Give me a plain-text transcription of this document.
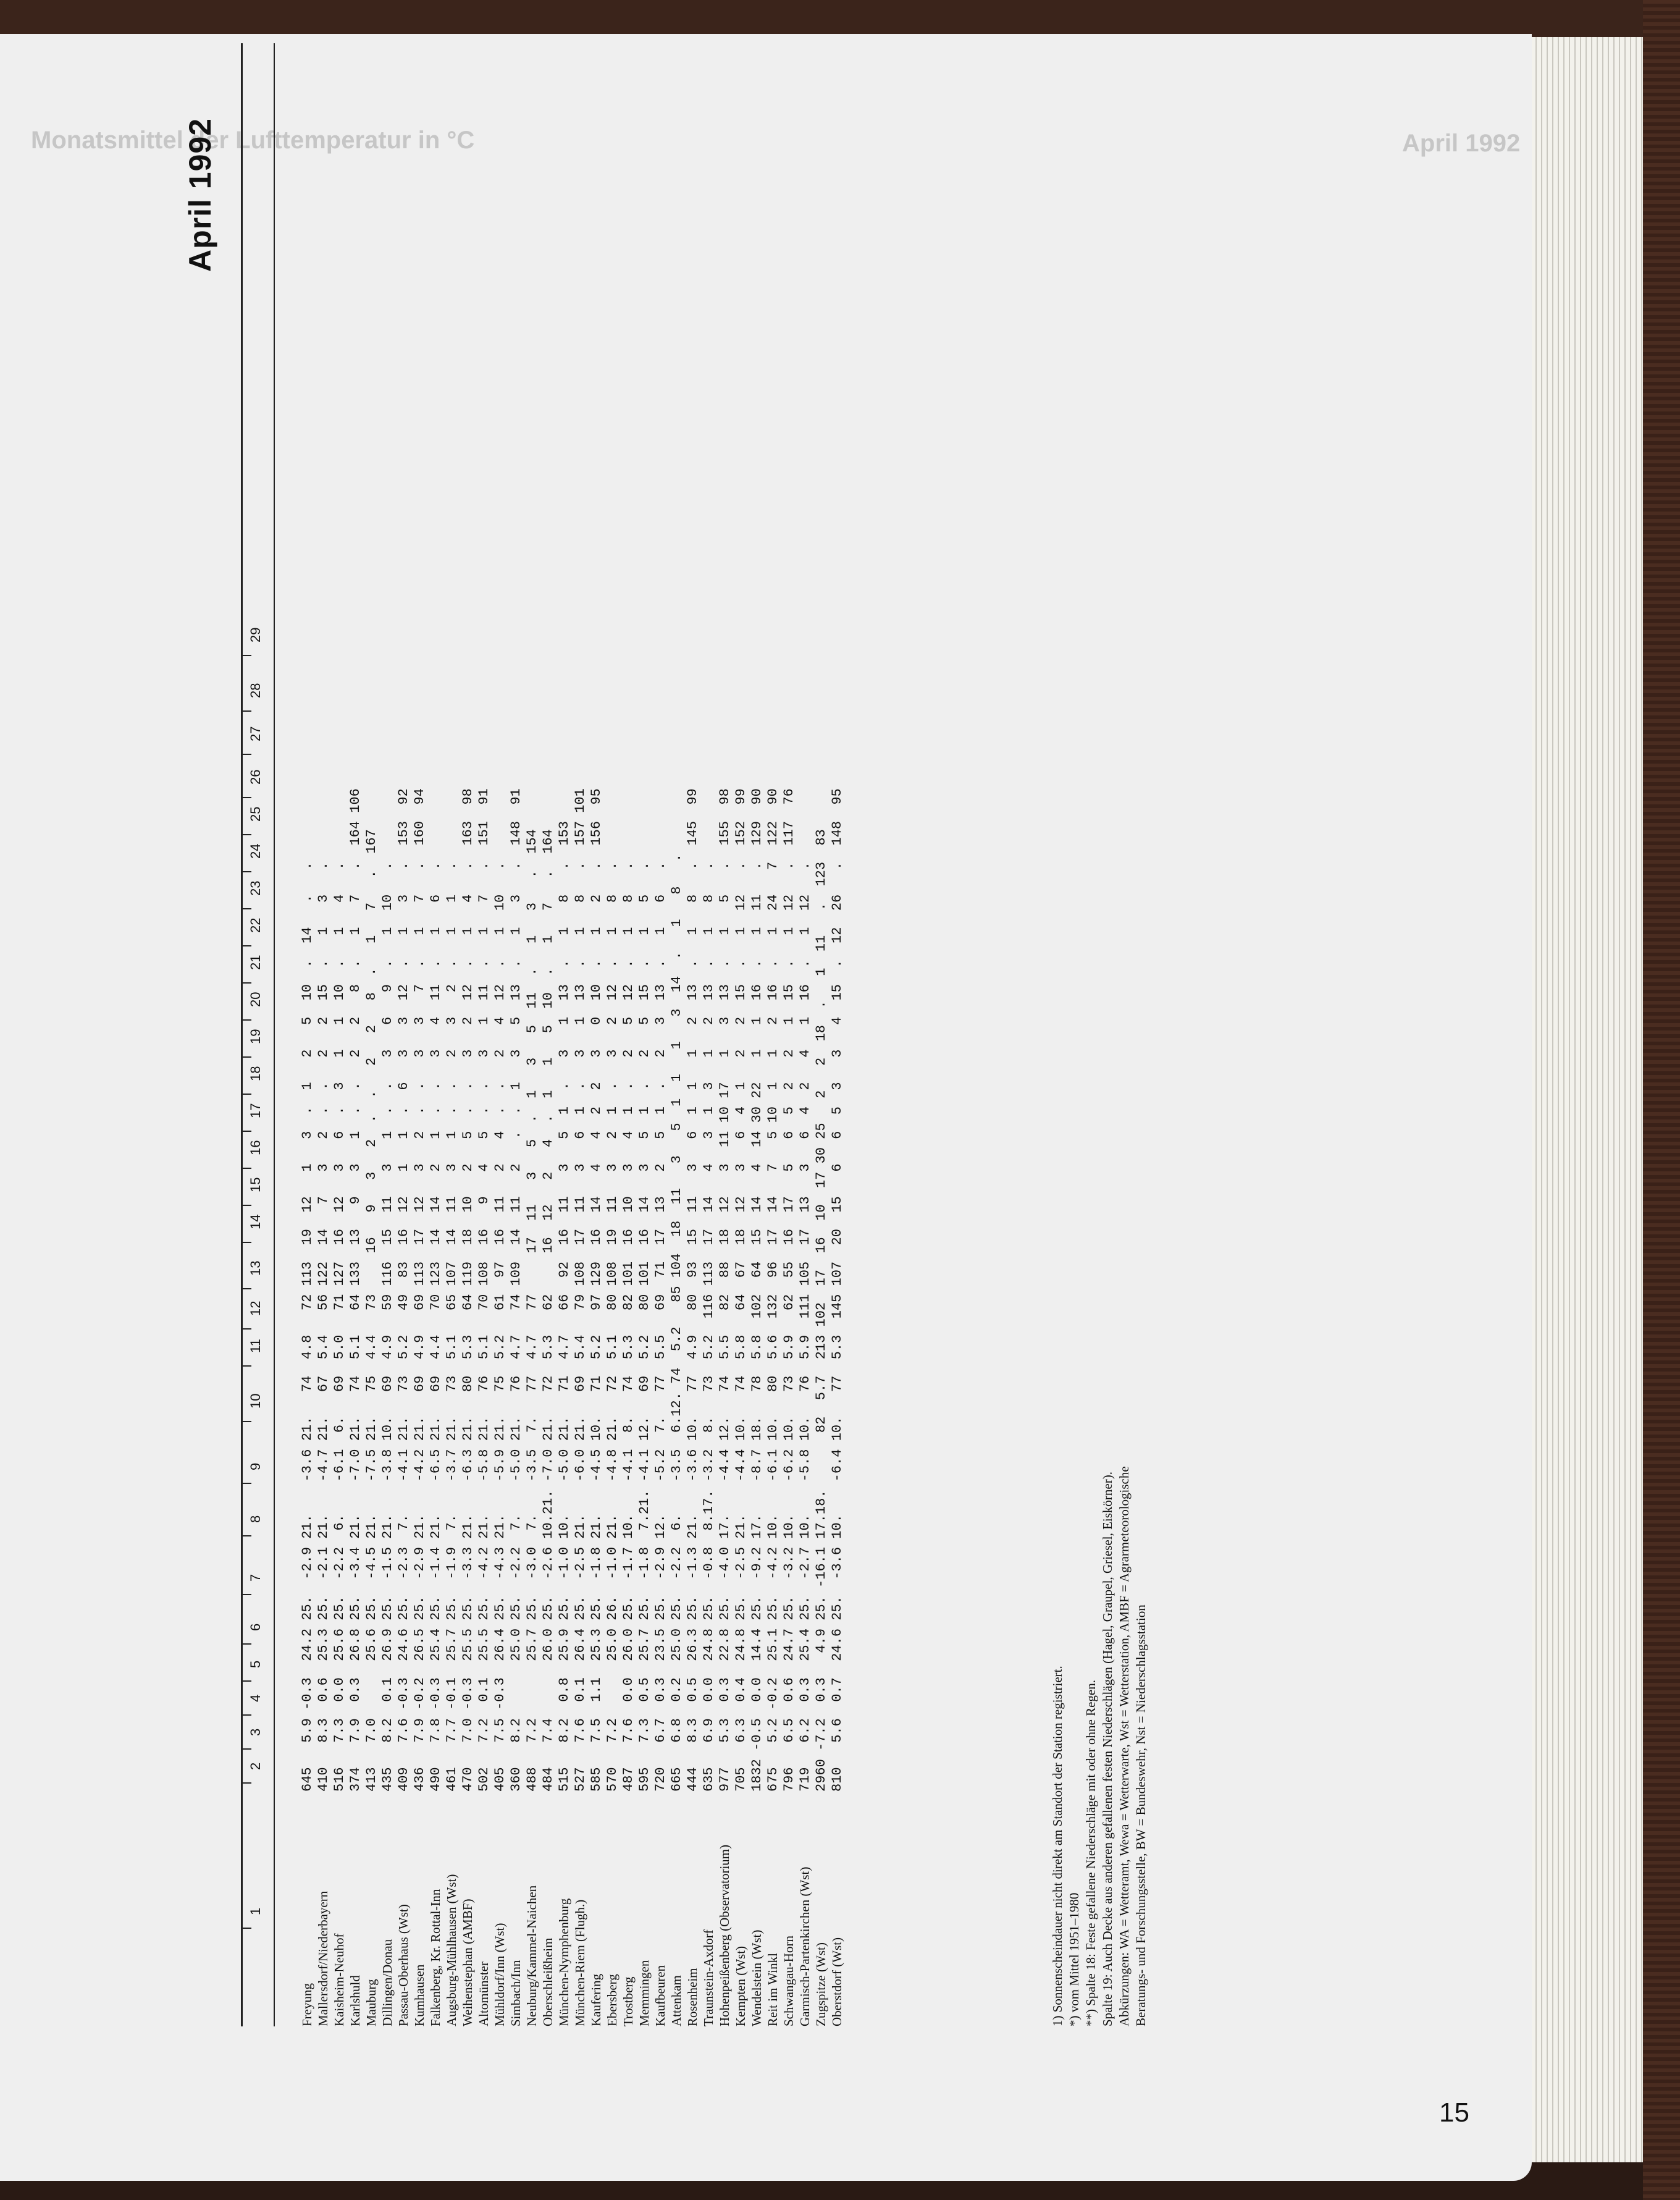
Monatsmittel der Lufttemperatur in °C	April 1992
April 1992
1
2
3
4
5
6
7
8
9
10
11
12
13
14
15
16
17
18
19
20
21
22
23
24
25
26
27
28
29
Freyung
645   5.9 -0.3  24.2 25.  -2.9 21.    -3.6 21.   74  4.8   72 113  19  12   1   3  .  1   2   5  10  .  14   .   .
Mallersdorf/Niederbayern
410   8.3  0.6  25.3 25.  -2.1 21.    -4.7 21.   67  5.4   56 122  14   7   3   2  .  .   2   2  15  .   1   3   .
Kaisheim-Neuhof
516   7.3  0.0  25.6 25.  -2.2  6.    -6.1  6.   69  5.0   71 127  16  12   3   6  .  3   1   1  10  .   1   4   .
Karlshuld
374   7.9  0.3  26.8 25.  -3.4 21.    -7.0 21.   74  5.1   64 133  13   9   3   1  .  .   2   2   8  .   1   7   .  164 106
Mauburg
413   7.0       25.6 25.  -4.5 21.    -7.5 21.   75  4.4   73     16   9   3   2  .  .   2   2   8  .   1   7   .  167
Dillingen/Donau
435   8.2  0.1  26.9 25.  -1.5 21.    -3.8 10.   69  4.9   59 116  15  11   3   1  .  .   3   6   9  .   1  10   .
Passau-Oberhaus (Wst)
409   7.6 -0.3  24.6 25.  -2.3  7.    -4.1 21.   73  5.2   49  83  16  12   1   1  .  6   3   3  12  .   1   3   .  153  92
Kumhausen
436   7.9 -0.2  26.5 25.  -2.9 21.    -4.2 21.   69  4.9   69 113  17  12   3   2  .  .   3   3   7  .   1   7   .  160  94
Falkenberg, Kr. Rottal-Inn
490   7.8 -0.3  25.4 25.  -1.4 21.    -6.5 21.   69  4.4   70 123  14  14   2   1  .  .   3   4  11  .   1   6   .
Augsburg-Mühlhausen (Wst)
461   7.7 -0.1  25.7 25.  -1.9  7.    -3.7 21.   73  5.1   65 107  14  11   3   1  .  .   2   3   2  .   1   1   .
Weihenstephan (AMBF)
470   7.0 -0.3  25.5 25.  -3.3 21.    -6.3 21.   80  5.3   64 119  18  10   2   5  .  .   3   2  12  .   1   4   .  163  98
Altomünster
502   7.2  0.1  25.5 25.  -4.2 21.    -5.8 21.   76  5.1   70 108  16   9   4   5  .  .   3   1  11  .   1   7   .  151  91
Mühldorf/Inn (Wst)
405   7.5 -0.3  26.4 25.  -4.3 21.    -5.9 21.   75  5.2   61  97  16  11   2   4  .  .   2   4  12  .   1  10   .
Simbach/Inn
360   8.2       25.0 25.  -2.2  7.    -5.0 21.   76  4.7   74 109  14  11   2   .  .  1   3   5  13  .   1   3   .  148  91
Neuburg/Kammel-Naichen
488   7.2       25.7 25.  -3.0  7.    -3.5  7.   77  4.7   77     17  11   3   5  .  1   3   5  11  .   1   3   .  154
Oberschleißheim
484   7.4       26.0 25.  -2.6 10.21. -7.0 21.   72  5.3   62     16  12   2   4  .  1   1   5  10  .   1   7   .  164
München-Nymphenburg
515   8.2  0.8  25.9 25.  -1.0 10.    -5.0 21.   71  4.7   66  92  16  11   3   5  1  .   3   1  13  .   1   8   .  153
München-Riem (Flugh.)
527   7.6  0.1  26.4 25.  -2.5 21.    -6.0 21.   69  5.4   79 108  17  11   3   6  1  .   3   1  13  .   1   8   .  157 101
Kaufering
585   7.5  1.1  25.3 25.  -1.8 21.    -4.5 10.   71  5.2   97 129  16  14   4   4  2  2   3   0  10  .   1   2   .  156  95
Ebersberg
570   7.2       25.0 26.  -1.0 21.    -4.8 21.   72  5.1   80 108  19  11   3   2  1  .   3   2  12  .   1   8   .
Trostberg
487   7.6  0.0  26.0 25.  -1.7 10.    -4.1  8.   74  5.3   82 101  16  10   3   4  1  .   2   5  12  .   1   8   .
Memmingen
595   7.3  0.5  25.7 25.  -1.8  7.21. -4.1 12.   69  5.2   80 101  16  14   3   5  1  .   2   5  15  .   1   5   .
Kaufbeuren
720   6.7  0.3  23.5 25.  -2.9 12.    -5.2  7.   77  5.5   69  71  17  13   2   5  1  .   2   3  13  .   1   6   .
Attenkam
665   6.8  0.2  25.0 25.  -2.2  6.    -3.5  6.12. 74  5.2   85 104  18  11   3   5  1  1   1   3  14  .   1   8   .
Rosenheim
444   8.3  0.5  26.3 25.  -1.3 21.    -3.6 10.   77  4.9   80  93  15  11   3   6  1  1   1   2  13  .   1   8   .  145  99
Traunstein-Axdorf
635   6.9  0.0  24.8 25.  -0.8  8.17. -3.2  8.   73  5.2  116 113  17  14   4   3  1  3   1   2  13  .   1   8   .
Hohenpeißenberg (Observatorium)
977   5.3  0.3  22.8 25.  -4.0 17.    -4.4 12.   74  5.5   82  88  18  12   3  11 10 17   1   3  13  .   1   5   .  155  98
Kempten (Wst)
705   6.3  0.4  24.8 25.  -2.5 21.    -4.4 10.   74  5.8   64  67  18  12   3   6  4  1   2   2  15  .   1  12   .  152  99
Wendelstein (Wst)
1832 -0.5  0.0  14.4 25.  -9.2 17.    -8.7 18.   78  5.8  102  64  15  14   4  14 30 22   1   1  16  .   1  11   .  129  90
Reit im Winkl
675   5.2 -0.2  25.1 25.  -4.2 10.    -6.1 10.   80  5.6  132  96  17  14   7   5 10  1   1   2  16  .   1  24   7  122  90
Schwangau-Horn
796   6.5  0.6  24.7 25.  -3.2 10.    -6.2 10.   73  5.9   62  55  16  17   5   6  5  2   2   1  15  .   1  12   .  117  76
Garmisch-Partenkirchen (Wst)
719   6.2  0.3  25.4 25.  -2.7 10.    -5.8 10.   76  5.9  111 105  17  13   3   6  4  2   4   1  16  .   1  12   .
Zugspitze (Wst)
2960 -7.2  0.3   4.9 25. -16.1 17.18.       82  5.7  213 102  17  16  10  17 30 25   2   2  18  .   1  11   .  123  83
Oberstdorf (Wst)
810   5.6  0.7  24.6 25.  -3.6 10.    -6.4 10.   77  5.3  145 107  20  15   6   6  5  3   3   4  15  .  12  26   .  148  95
1) Sonnenscheindauer nicht direkt am Standort der Station registriert. *) vom Mittel 1951–1980 **) Spalte 18: Feste gefallene Niederschläge mit oder ohne Regen. Spalte 19: Auch Decke aus anderen gefallenen festen Niederschlägen (Hagel, Graupel, Griesel, Eiskörner). Abkürzungen: WA = Wetteramt, Wewa = Wetterwarte, Wst = Wetterstation, AMBF = Agrarmeteorologische Beratungs- und Forschungsstelle, BW = Bundeswehr, Nst = Niederschlagsstation
15
